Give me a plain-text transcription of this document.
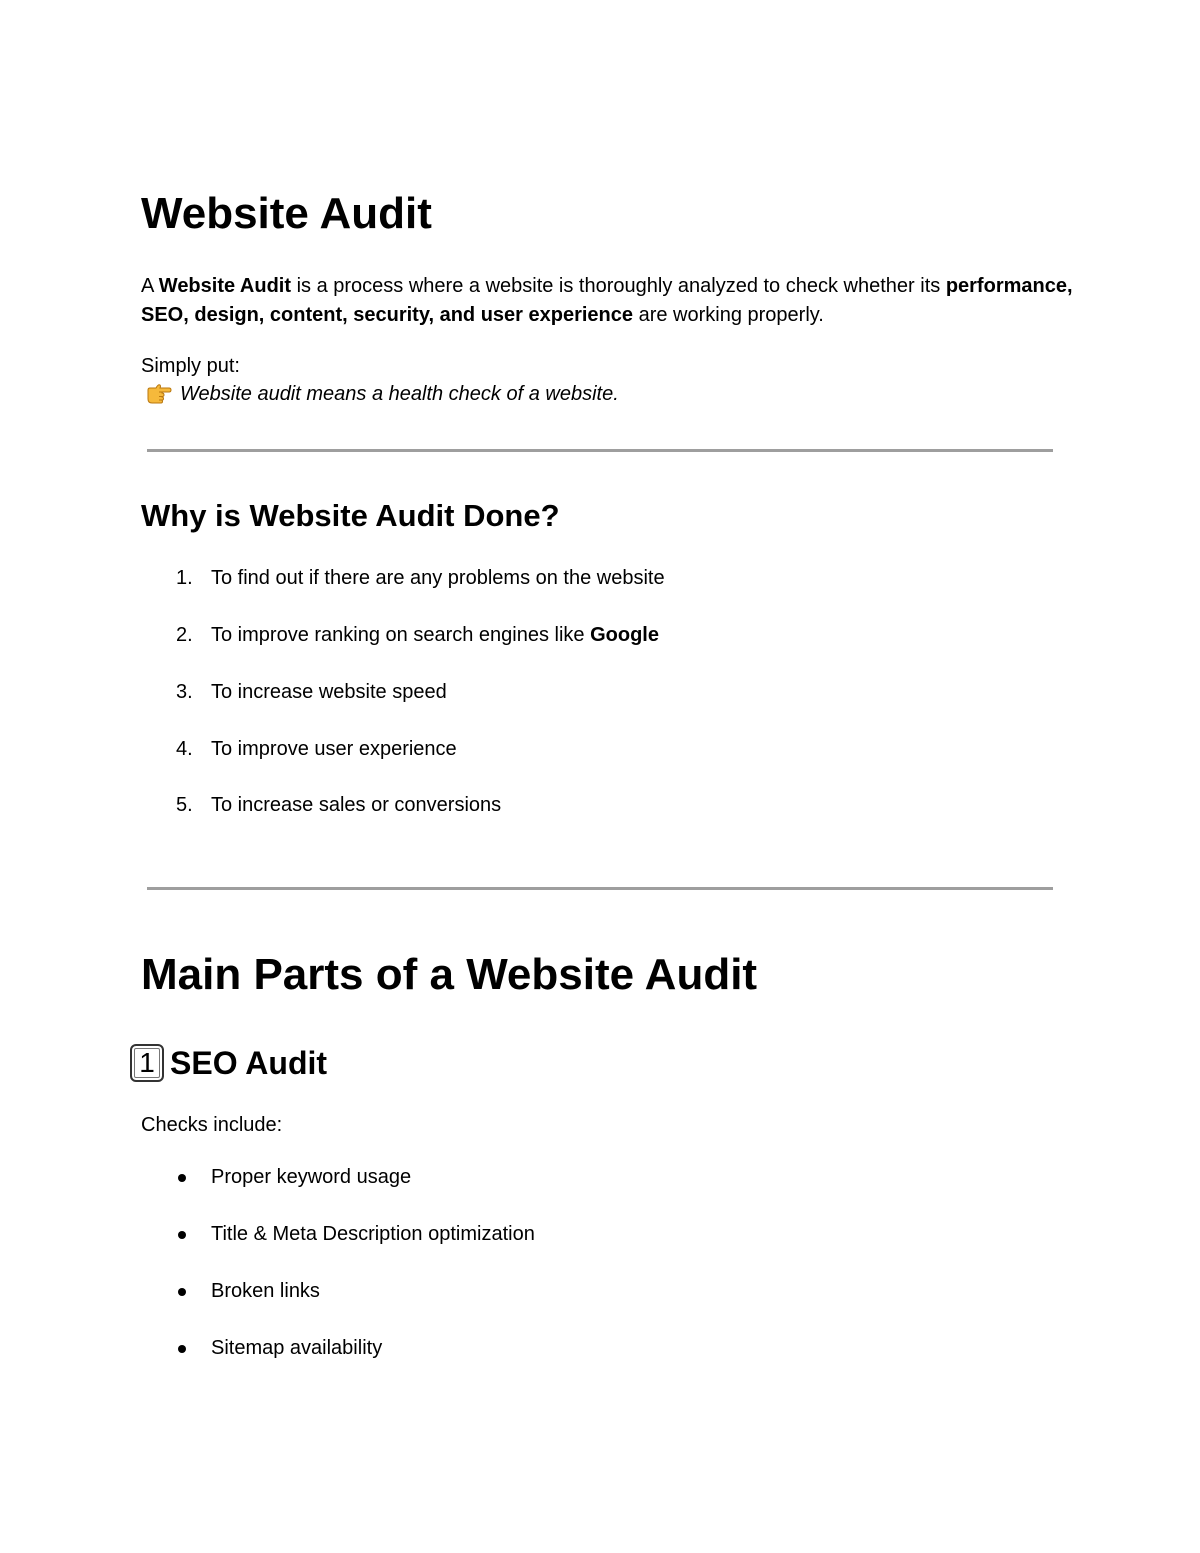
Website Audit

A Website Audit is a process where a website is thoroughly analyzed to check whether its performance, SEO, design, content, security, and user experience are working properly.

Simply put:
Website audit means a health check of a website.
Why is Website Audit Done?
1. To find out if there are any problems on the website
2. To improve ranking on search engines like Google
3. To increase website speed
4. To improve user experience
5. To increase sales or conversions
Main Parts of a Website Audit
1 SEO Audit
Checks include:
Proper keyword usage
Title & Meta Description optimization
Broken links
Sitemap availability
